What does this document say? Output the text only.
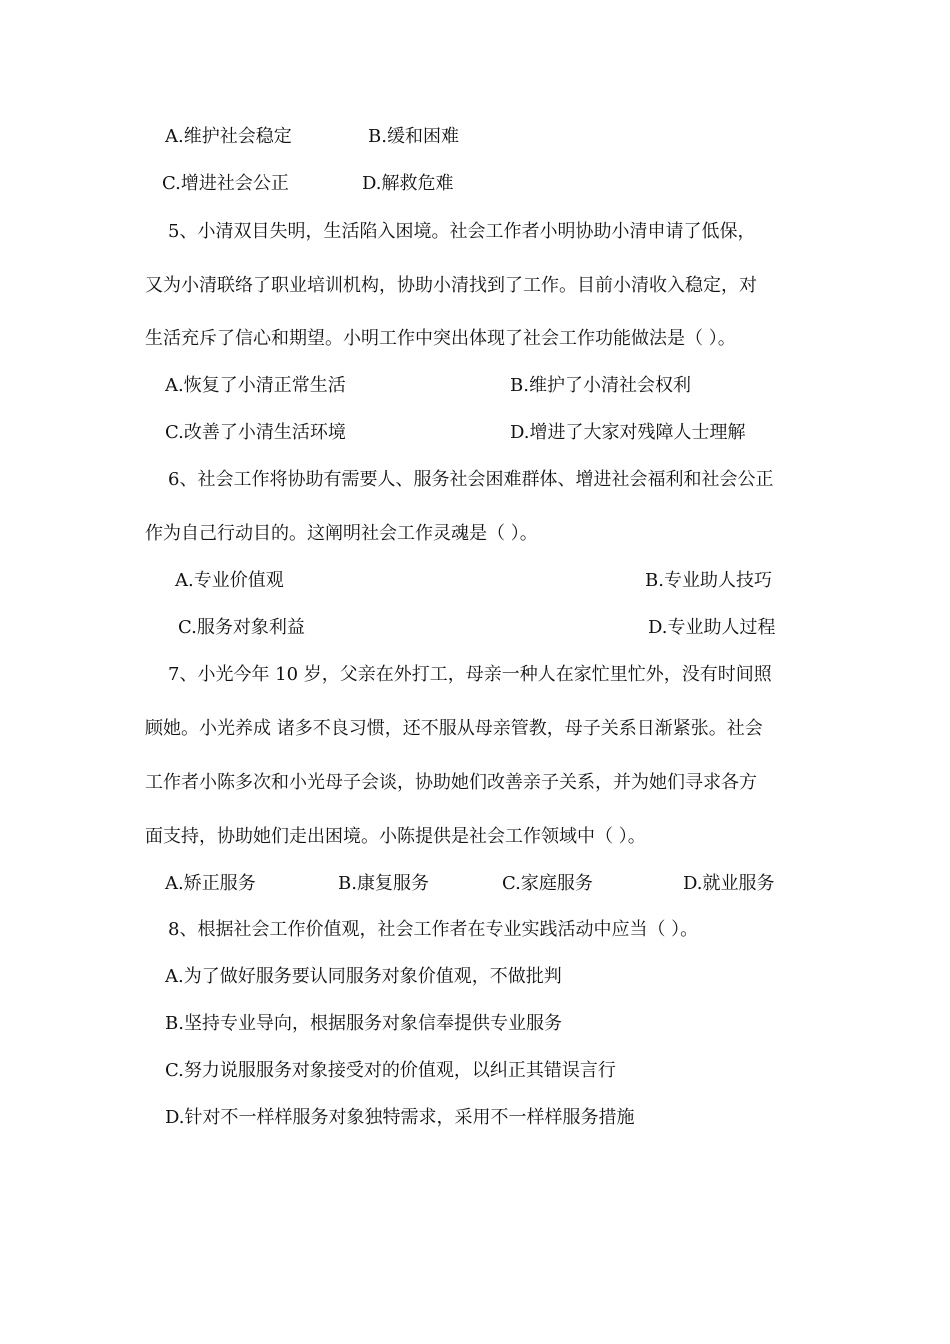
A.维护社会稳定	B.缓和困难
C.增进社会公正	D.解救危难
5、小清双目失明，生活陷入困境。社会工作者小明协助小清申请了低保，
又为小清联络了职业培训机构，协助小清找到了工作。目前小清收入稳定，对
生活充斥了信心和期望。小明工作中突出体现了社会工作功能做法是（ ）。
A.恢复了小清正常生活	B.维护了小清社会权利
C.改善了小清生活环境	D.增进了大家对残障人士理解
6、社会工作将协助有需要人、服务社会困难群体、增进社会福利和社会公正
作为自己行动目的。这阐明社会工作灵魂是（ ）。
A.专业价值观	B.专业助人技巧
C.服务对象利益	D.专业助人过程
7、小光今年 10 岁，父亲在外打工，母亲一种人在家忙里忙外，没有时间照
顾她。小光养成 诸多不良习惯，还不服从母亲管教，母子关系日渐紧张。社会
工作者小陈多次和小光母子会谈，协助她们改善亲子关系，并为她们寻求各方
面支持，协助她们走出困境。小陈提供是社会工作领域中（ ）。
A.矫正服务	B.康复服务	C.家庭服务	D.就业服务
8、根据社会工作价值观，社会工作者在专业实践活动中应当（ ）。
A.为了做好服务要认同服务对象价值观，不做批判
B.坚持专业导向，根据服务对象信奉提供专业服务
C.努力说服服务对象接受对的价值观，以纠正其错误言行
D.针对不一样样服务对象独特需求，采用不一样样服务措施
